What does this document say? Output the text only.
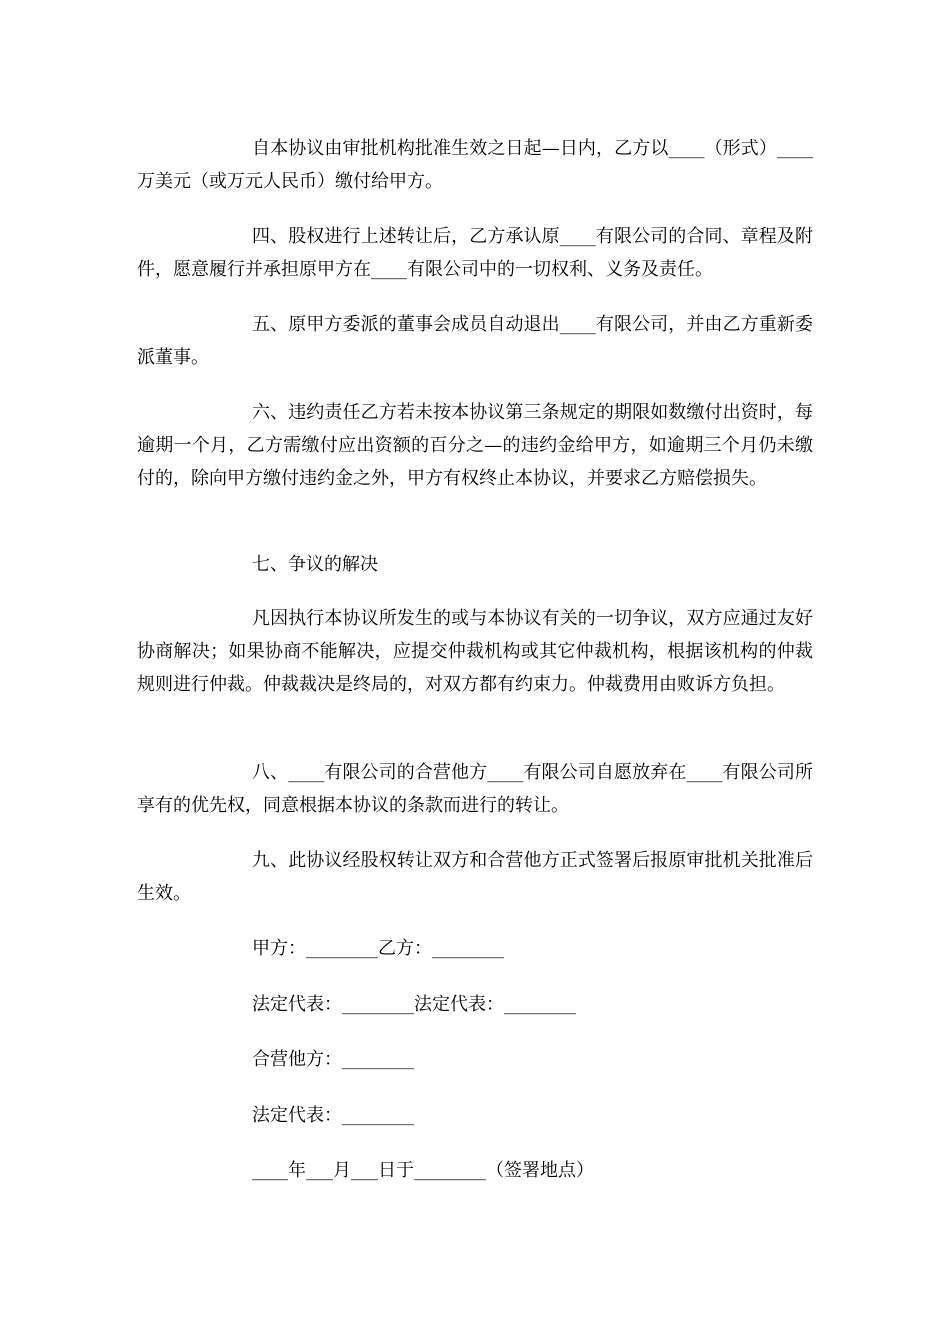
自本协议由审批机构批准生效之日起—日内，乙方以____（形式）____万美元（或万元人民币）缴付给甲方。

四、股权进行上述转让后，乙方承认原____有限公司的合同、章程及附件，愿意履行并承担原甲方在____有限公司中的一切权利、义务及责任。

五、原甲方委派的董事会成员自动退出____有限公司，并由乙方重新委派董事。

六、违约责任乙方若未按本协议第三条规定的期限如数缴付出资时，每逾期一个月，乙方需缴付应出资额的百分之—的违约金给甲方，如逾期三个月仍未缴付的，除向甲方缴付违约金之外，甲方有权终止本协议，并要求乙方赔偿损失。

七、争议的解决

凡因执行本协议所发生的或与本协议有关的一切争议，双方应通过友好协商解决；如果协商不能解决，应提交仲裁机构或其它仲裁机构，根据该机构的仲裁规则进行仲裁。仲裁裁决是终局的，对双方都有约束力。仲裁费用由败诉方负担。

八、____有限公司的合营他方____有限公司自愿放弃在____有限公司所享有的优先权，同意根据本协议的条款而进行的转让。

九、此协议经股权转让双方和合营他方正式签署后报原审批机关批准后生效。

甲方：________乙方：________

法定代表：________法定代表：________

合营他方：________

法定代表：________

____年___月___日于________（签署地点）
